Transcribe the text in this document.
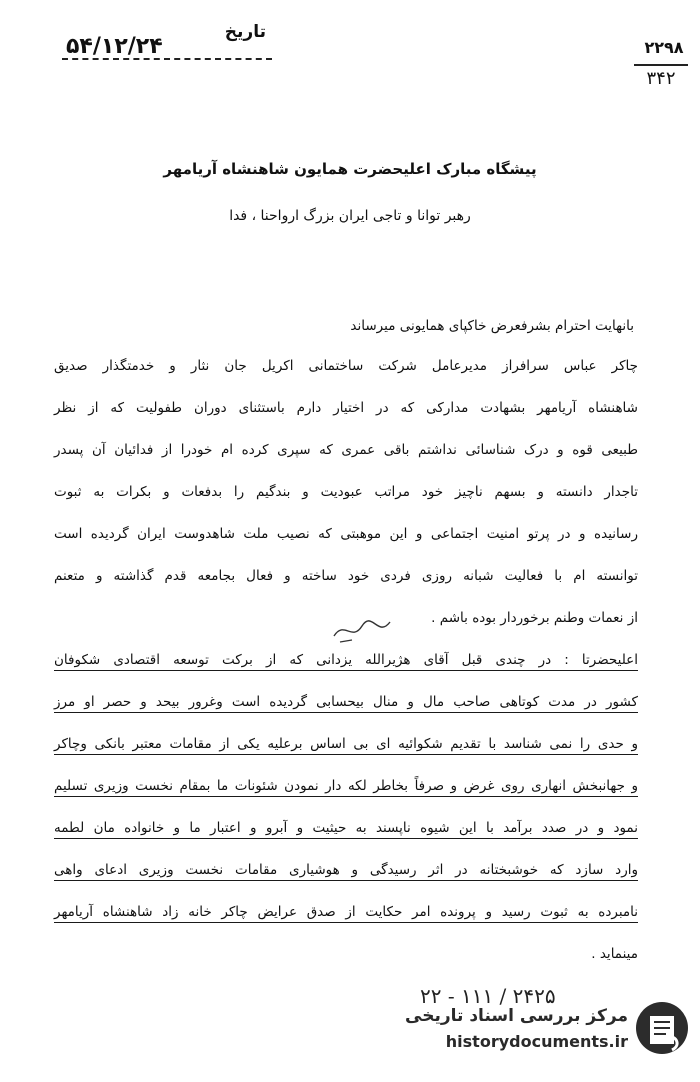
تاریخ
۵۴/۱۲/۲۴	۲۲۹۸
۳۴۲
پیشگاه مبارک اعلیحضرت همایون شاهنشاه آریامهر
رهبر توانا و تاجی ایران بزرگ ارواحنا ، فدا
بانهایت احترام بشرفعرض خاکپای همایونی میرساند
چاکر عباس سرافراز مدیرعامل شرکت ساختمانی اکریل جان نثار و خدمتگذار صدیق
شاهنشاه آریامهر بشهادت مدارکی که در اختیار دارم باستثنای دوران طفولیت که از نظر
طبیعی قوه و درک شناسائی نداشتم باقی عمری که سپری کرده ام خودرا از فدائیان آن پسدر
تاجدار دانسته و بسهم ناچیز خود مراتب عبودیت و بندگیم را بدفعات و بکرات به ثبوت
رسانیده و در پرتو امنیت اجتماعی و این موهبتی که نصیب ملت شاهدوست ایران گردیده است
توانسته ام با فعالیت شبانه روزی فردی خود ساخته و فعال بجامعه قدم گذاشته و متعنم
از نعمات وطنم برخوردار بوده باشم .
اعلیحضرتا : در چندی قبل آقای هژیرالله یزدانی که از برکت توسعه اقتصادی شکوفان
کشور در مدت کوتاهی صاحب مال و منال بیحسابی گردیده است وغرور بیحد و حصر او مرز
و حدی را نمی شناسد با تقدیم شکوائیه ای بی اساس برعلیه یکی از مقامات معتبر بانکی وچاکر
و جهانبخش انهاری روی غرض و صرفاً بخاطر لکه دار نمودن شئونات ما بمقام نخست وزیری تسلیم
نمود و در صدد برآمد با این شیوه ناپسند به حیثیت و آبرو و اعتبار ما و خانواده مان لطمه
وارد سازد که خوشبختانه در اثر رسیدگی و هوشیاری مقامات نخست وزیری ادعای واهی
نامبرده به ثبوت رسید و پرونده امر حکایت از صدق عرایض چاکر خانه زاد شاهنشاه آریامهر
مینماید .
۲۲ - ۱۱۱ / ۲۴۲۵
مرکز بررسی اسناد تاریخی
historydocuments.ir
